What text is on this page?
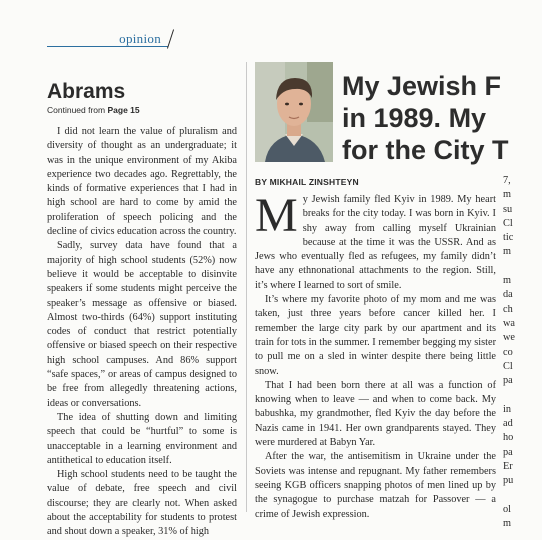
opinion
Abrams
Continued from Page 15

I did not learn the value of pluralism and diversity of thought as an undergraduate; it was in the unique environment of my Akiba experience two decades ago. Regrettably, the kinds of formative experiences that I had in high school are hard to come by amid the proliferation of speech policing and the decline of civics education across the country.

Sadly, survey data have found that a majority of high school students (52%) now believe it would be acceptable to disinvite speakers if some students might perceive the speaker’s message as offensive or biased. Almost two-thirds (64%) support instituting codes of conduct that restrict potentially offensive or biased speech on their respective high school campuses. And 86% support “safe spaces,” or areas of campus designed to be free from allegedly threatening actions, ideas or conversations.

The idea of shutting down and limiting speech that could be “hurtful” to some is unacceptable in a learning environment and antithetical to education itself.

High school students need to be taught the value of debate, free speech and civil discourse; they are clearly not. When asked about the acceptability for students to protest and shout down a speaker, 31% of high

My Jewish F
in 1989. My
for the City T
BY MIKHAIL ZINSHTEYN

My Jewish family fled Kyiv in 1989. My heart breaks for the city today. I was born in Kyiv. I shy away from calling myself Ukrainian because at the time it was the USSR. And as Jews who eventually fled as refugees, my family didn’t have any ethnonational attachments to the region. Still, it’s where I learned to sort of smile.

It’s where my favorite photo of my mom and me was taken, just three years before cancer killed her. I remember the large city park by our apartment and its train for tots in the summer. I remember begging my sister to pull me on a sled in winter despite there being little snow.

That I had been born there at all was a function of knowing when to leave — and when to come back. My babushka, my grandmother, fled Kyiv the day before the Nazis came in 1941. Her own grandparents stayed. They were murdered at Babyn Yar.

After the war, the antisemitism in Ukraine under the Soviets was intense and repugnant. My father remembers seeing KGB officers snapping photos of men lined up by the synagogue to purchase matzah for Passover — a crime of Jewish expression.

7,
m
su
Cl
tic
m
m
da
ch
wa
we
co
Cl
pa
in
ad
ho
pa
Er
pu
ol
m
